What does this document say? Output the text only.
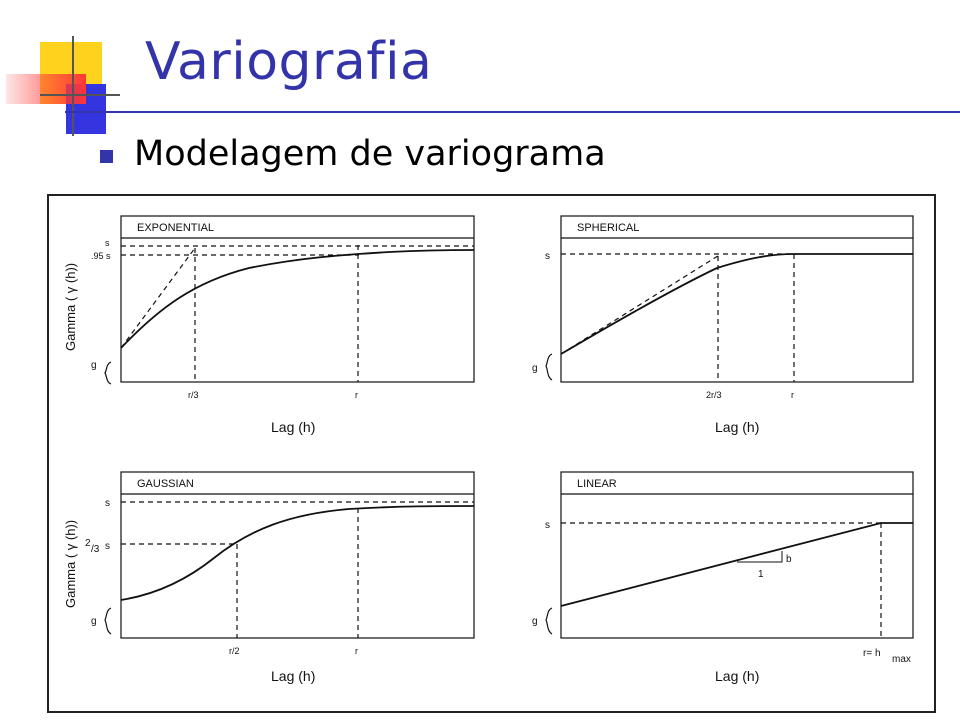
Variografia
Modelagem de variograma
EXPONENTIAL
s
.95 s
g
r/3	r
Lag (h)
Gamma ( γ (h))
SPHERICAL
s
g
2r/3	r
Lag (h)
GAUSSIAN
s
2
/3 s
g
r/2	r
Lag (h)
Gamma ( γ (h))
LINEAR
s
g
r= h
max
b
1
Lag (h)
